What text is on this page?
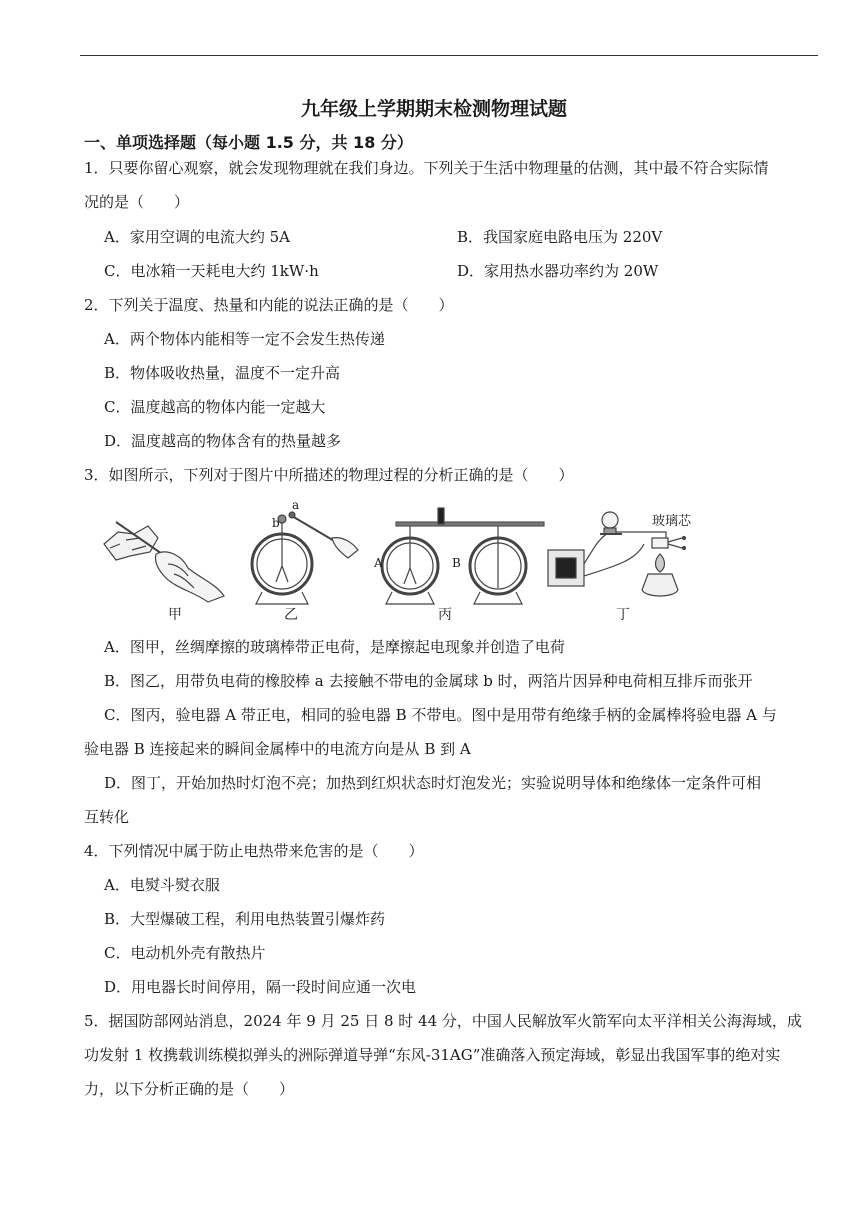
九年级上学期期末检测物理试题
一、单项选择题（每小题 1.5 分，共 18 分）
1．只要你留心观察，就会发现物理就在我们身边。下列关于生活中物理量的估测，其中最不符合实际情
况的是（　　）
A．家用空调的电流大约 5A	B．我国家庭电路电压为 220V
C．电冰箱一天耗电大约 1kW·h	D．家用热水器功率约为 20W
2．下列关于温度、热量和内能的说法正确的是（　　）
A．两个物体内能相等一定不会发生热传递
B．物体吸收热量，温度不一定升高
C．温度越高的物体内能一定越大
D．温度越高的物体含有的热量越多
3．如图所示，下列对于图片中所描述的物理过程的分析正确的是（　　）
甲	乙	丙	丁
a
b
A	B
玻璃芯
A．图甲，丝绸摩擦的玻璃棒带正电荷，是摩擦起电现象并创造了电荷
B．图乙，用带负电荷的橡胶棒 a 去接触不带电的金属球 b 时，两箔片因异种电荷相互排斥而张开
C．图丙，验电器 A 带正电，相同的验电器 B 不带电。图中是用带有绝缘手柄的金属棒将验电器 A 与
验电器 B 连接起来的瞬间金属棒中的电流方向是从 B 到 A
D．图丁，开始加热时灯泡不亮；加热到红炽状态时灯泡发光；实验说明导体和绝缘体一定条件可相
互转化
4．下列情况中属于防止电热带来危害的是（　　）
A．电熨斗熨衣服
B．大型爆破工程，利用电热装置引爆炸药
C．电动机外壳有散热片
D．用电器长时间停用，隔一段时间应通一次电
5．据国防部网站消息，2024 年 9 月 25 日 8 时 44 分，中国人民解放军火箭军向太平洋相关公海海域，成
功发射 1 枚携载训练模拟弹头的洲际弹道导弹“东风-31AG”准确落入预定海域，彰显出我国军事的绝对实
力，以下分析正确的是（　　）
